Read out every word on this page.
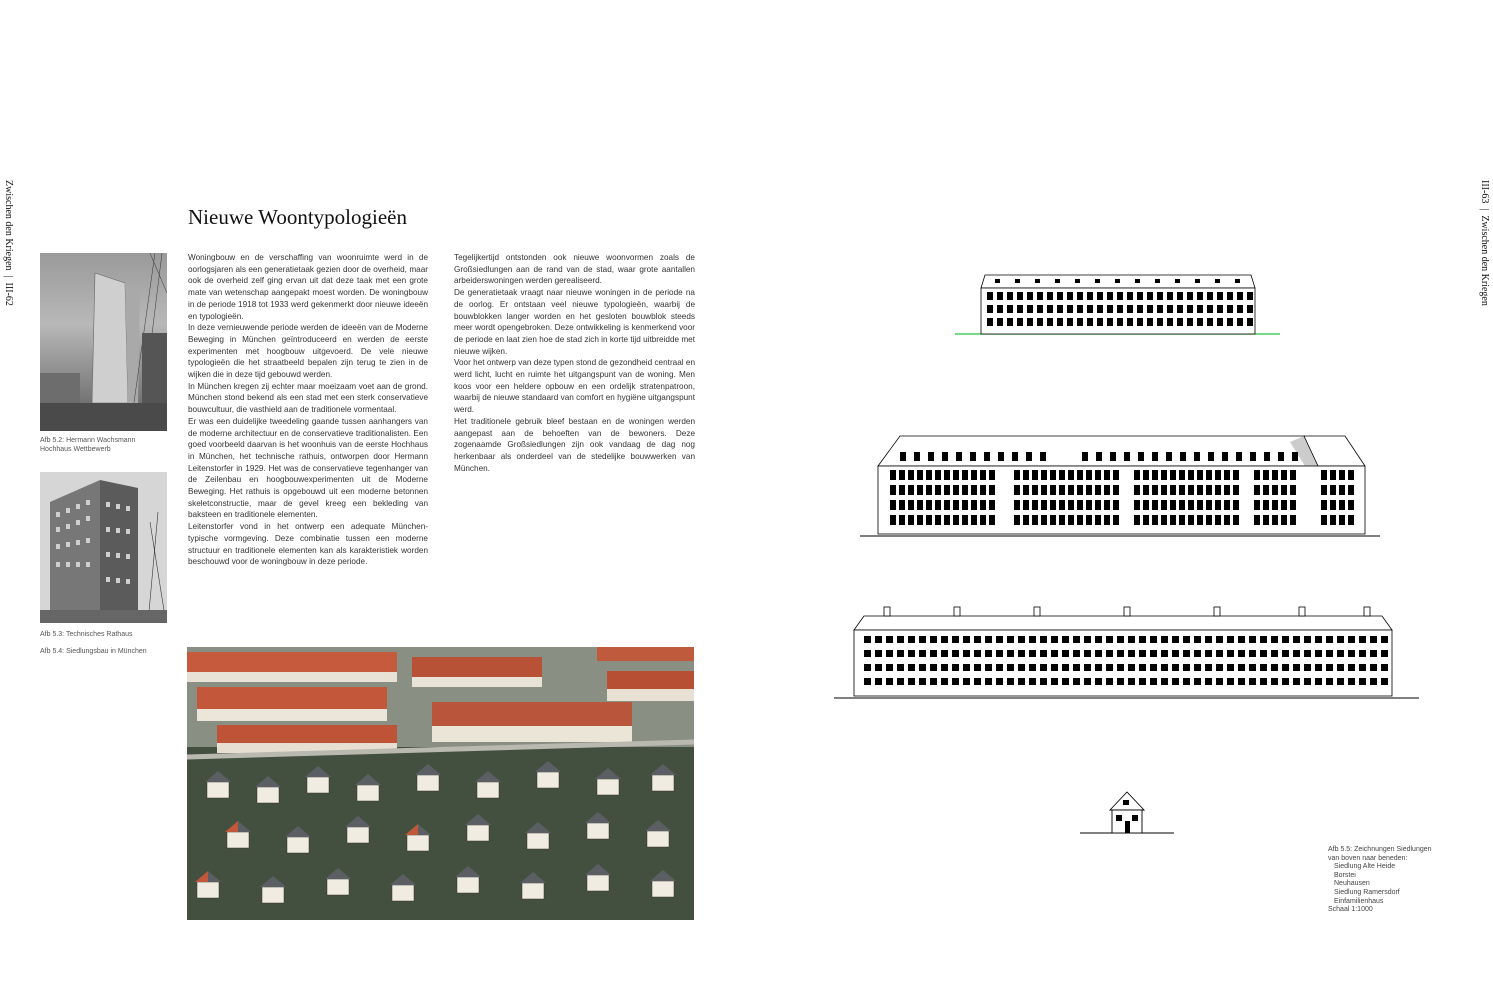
Zwischen den Kriegen  |  III-62
III-63  |  Zwischen den Kriegen
Nieuwe Woontypologieën
Afb 5.2: Hermann Wachsmann Hochhaus Wettbewerb
Afb 5.3: Technisches Rathaus
Afb 5.4: Siedlungsbau in München

Woningbouw en de verschaffing van woonruimte werd in de oorlogsjaren als een generatietaak gezien door de overheid, maar ook de overheid zelf ging ervan uit dat deze taak met een grote mate van wetenschap aangepakt moest worden. De woningbouw in de periode 1918 tot 1933 werd gekenmerkt door nieuwe ideeën en typologieën.

In deze vernieuwende periode werden de ideeën van de Moderne Beweging in München geïntroduceerd en werden de eerste experimenten met hoogbouw uitgevoerd. De vele nieuwe typologieën die het straatbeeld bepalen zijn terug te zien in de wijken die in deze tijd gebouwd werden.

In München kregen zij echter maar moeizaam voet aan de grond. München stond bekend als een stad met een sterk conservatieve bouwcultuur, die vasthield aan de traditionele vormentaal.

Er was een duidelijke tweedeling gaande tussen aanhangers van de moderne architectuur en de conservatieve traditionalisten. Een goed voorbeeld daarvan is het woonhuis van de eerste Hochhaus in München, het technische rathuis, ontworpen door Hermann Leitenstorfer in 1929. Het was de conservatieve tegenhanger van de Zeilenbau en hoogbouwexperimenten uit de Moderne Beweging. Het rathuis is opgebouwd uit een moderne betonnen skeletconstructie, maar de gevel kreeg een bekleding van baksteen en traditionele elementen.

Leitenstorfer vond in het ontwerp een adequate München-typische vormgeving. Deze combinatie tussen een moderne structuur en traditionele elementen kan als karakteristiek worden beschouwd voor de woningbouw in deze periode.

Tegelijkertijd ontstonden ook nieuwe woonvormen zoals de Großsiedlungen aan de rand van de stad, waar grote aantallen arbeiderswoningen werden gerealiseerd.

De generatietaak vraagt naar nieuwe woningen in de periode na de oorlog. Er ontstaan veel nieuwe typologieën, waarbij de bouwblokken langer worden en het gesloten bouwblok steeds meer wordt opengebroken. Deze ontwikkeling is kenmerkend voor de periode en laat zien hoe de stad zich in korte tijd uitbreidde met nieuwe wijken.

Voor het ontwerp van deze typen stond de gezondheid centraal en werd licht, lucht en ruimte het uitgangspunt van de woning. Men koos voor een heldere opbouw en een ordelijk stratenpatroon, waarbij de nieuwe standaard van comfort en hygiëne uitgangspunt werd.

Het traditionele gebruik bleef bestaan en de woningen werden aangepast aan de behoeften van de bewoners. Deze zogenaamde Großsiedlungen zijn ook vandaag de dag nog herkenbaar als onderdeel van de stedelijke bouwwerken van München.

Afb 5.5: Zeichnungen Siedlungen
van boven naar beneden:
Siedlung Alte Heide
Borstei
Neuhausen
Siedlung Ramersdorf
Einfamilienhaus
Schaal 1:1000
